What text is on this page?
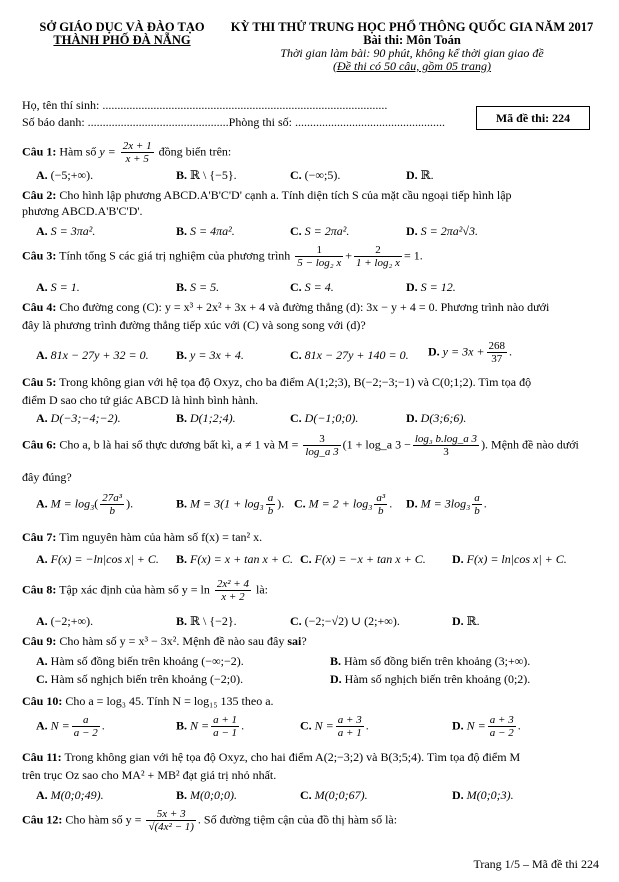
SỞ GIÁO DỤC VÀ ĐÀO TẠO
THÀNH PHỐ ĐÀ NẴNG
KỲ THI THỬ TRUNG HỌC PHỔ THÔNG QUỐC GIA NĂM 2017
Bài thi: Môn Toán
Thời gian làm bài: 90 phút, không kể thời gian giao đề
(Đề thi có 50 câu, gồm 05 trang)
Họ, tên thí sinh: ...............................................................................................
Số báo danh: ...............................................Phòng thi số: ..................................................	Mã đề thi: 224
Câu 1: Hàm số $y = \frac{2x + 1}{x + 5}$ đồng biến trên:
A. (−5;+∞).	B. ℝ \ {−5}.	C. (−∞;5).	D. ℝ.
Câu 2: Cho hình lập phương ABCD.A'B'C'D' cạnh a. Tính diện tích S của mặt cầu ngoại tiếp hình lập
phương ABCD.A'B'C'D'.
A. S = 3πa².	B. S = 4πa².	C. S = 2πa².	D. S = 2πa²√3.
Câu 3: Tính tổng S các giá trị nghiệm của phương trình $\frac{1}{\text{5 − log₂ x}} + \frac{2}{\text{1 + log₂ x}} = 1$.
A. S = 1.	B. S = 5.	C. S = 4.	D. S = 12.
Câu 4: Cho đường cong (C): y = x³ + 2x² + 3x + 4 và đường thẳng (d): 3x − y + 4 = 0. Phương trình nào dưới
đây là phương trình đường thẳng tiếp xúc với (C) và song song với (d)?
A. 81x − 27y + 32 = 0. B. y = 3x + 4.	C. 81x − 27y + 140 = 0. D. $y = 3x + \frac{268}{37}$ .
Câu 5: Trong không gian với hệ tọa độ Oxyz, cho ba điểm A(1;2;3), B(−2;−3;−1) và C(0;1;2). Tìm tọa độ
điểm D sao cho tứ giác ABCD là hình bình hành.
A. D(−3;−4;−2).	B. D(1;2;4).	C. D(−1;0;0).	D. D(3;6;6).
Câu 6: Cho a, b là hai số thực dương bất kì, a ≠ 1 và $M = \frac{3}{\log\_a 3} (1$ + log_a $3 - \frac{\text{log₃ b.log\_a 3}}{3}$ ). Mệnh đề nào dưới
đây đúng?
A. $M = \log_3( \frac{\text{27a³}}{b}$ ).	B. $M = 3(1 + \log_3 \frac{a}{b}$ ). C. $M = 2 + \log_3 \frac{\text{a³}}{b}$ . D. $M = 3\log_3 \frac{a}{b}$ .
Câu 7: Tìm nguyên hàm của hàm số f(x) = tan² x.
A. F(x) = −ln|cos x| + C. B. F(x) = x + tan x + C. C. F(x) = −x + tan x + C. D. F(x) = ln|cos x| + C.
Câu 8: Tập xác định của hàm số $y = \ln \frac{\text{2x² + 4}}{x + 2}$ là:
A. (−2;+∞).	B. ℝ \ {−2}.	C. (−2;−√2) ∪ (2;+∞).	D. ℝ.
Câu 9: Cho hàm số y = x³ − 3x². Mệnh đề nào sau đây sai?
A. Hàm số đồng biến trên khoảng (−∞;−2).	B. Hàm số đồng biến trên khoảng (3;+∞).
C. Hàm số nghịch biến trên khoảng (−2;0).	D. Hàm số nghịch biến trên khoảng (0;2).
Câu 10: Cho a = log₃ 45. Tính N = log₁₅ 135 theo a.
A. $N = \frac{a}{a - 2}$ .	B. $N = \frac{a + 1}{a - 1}$ .	C. $N = \frac{a + 3}{a + 1}$ .	D. $N = \frac{a + 3}{a - 2}$ .
Câu 11: Trong không gian với hệ tọa độ Oxyz, cho hai điểm A(2;−3;2) và B(3;5;4). Tìm tọa độ điểm M
trên trục Oz sao cho MA² + MB² đạt giá trị nhỏ nhất.
A. M(0;0;49).	B. M(0;0;0).	C. M(0;0;67).	D. M(0;0;3).
Câu 12: Cho hàm số $y = \frac{5x + 3}{\text{√(4x² − 1)}}$ . Số đường tiệm cận của đồ thị hàm số là:
Trang 1/5 – Mã đề thi 224
